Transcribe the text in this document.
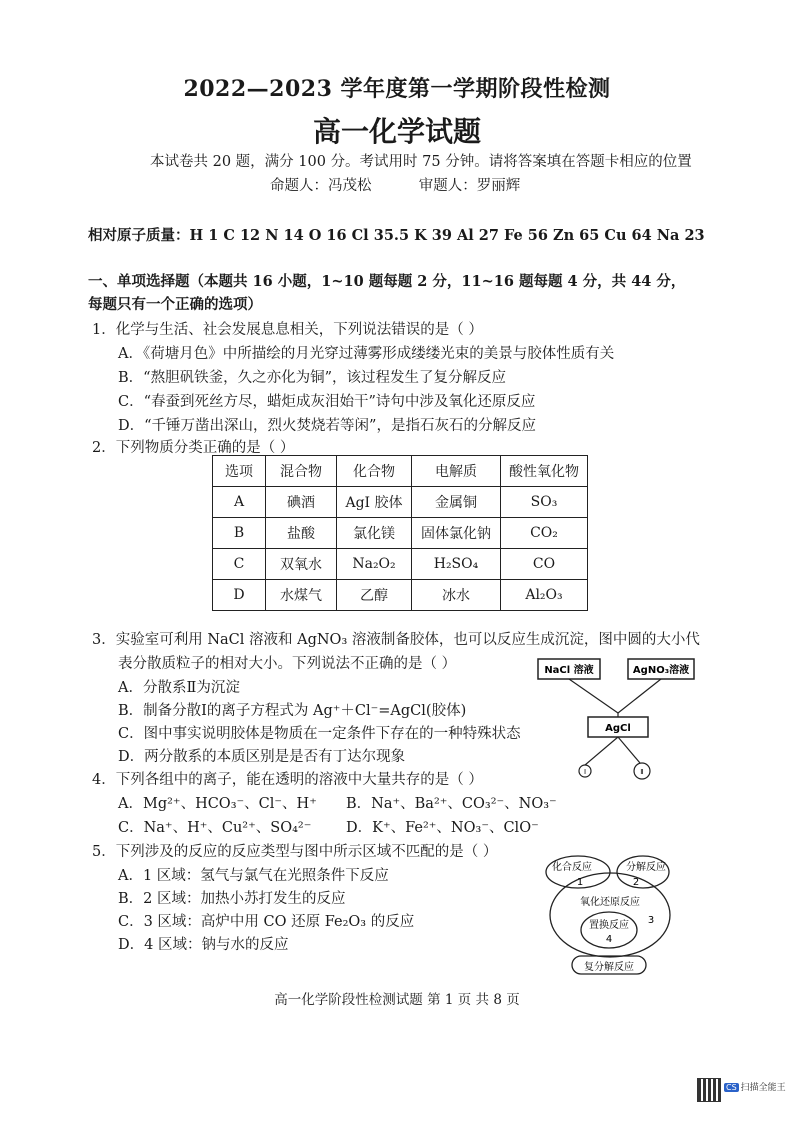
2022—2023 学年度第一学期阶段性检测
高一化学试题
本试卷共 20 题，满分 100 分。考试用时 75 分钟。请将答案填在答题卡相应的位置
命题人：冯茂松	审题人：罗丽辉
相对原子质量：H 1 C 12 N 14 O 16 Cl 35.5 K 39 Al 27 Fe 56 Zn 65 Cu 64 Na 23
一、单项选择题（本题共 16 小题，1~10 题每题 2 分，11~16 题每题 4 分，共 44 分，每题只有一个正确的选项）
1．化学与生活、社会发展息息相关，下列说法错误的是（ ）
A．《荷塘月色》中所描绘的月光穿过薄雾形成缕缕光束的美景与胶体性质有关
B．“熬胆矾铁釜，久之亦化为铜”，该过程发生了复分解反应
C．“春蚕到死丝方尽，蜡炬成灰泪始干”诗句中涉及氧化还原反应
D．“千锤万凿出深山，烈火焚烧若等闲”，是指石灰石的分解反应
2．下列物质分类正确的是（ ）
选项	混合物	化合物	电解质	酸性氧化物
A	碘酒	AgI 胶体	金属铜	SO₃
B	盐酸	氯化镁	固体氯化钠	CO₂
C	双氧水	Na₂O₂	H₂SO₄	CO
D	水煤气	乙醇	冰水	Al₂O₃
3．实验室可利用 NaCl 溶液和 AgNO₃ 溶液制备胶体，也可以反应生成沉淀，图中圆的大小代
表分散质粒子的相对大小。下列说法不正确的是（ ）
A．分散系Ⅱ为沉淀
B．制备分散Ⅰ的离子方程式为 Ag⁺＋Cl⁻=AgCl(胶体)
C．图中事实说明胶体是物质在一定条件下存在的一种特殊状态
D．两分散系的本质区别是是否有丁达尔现象
NaCl 溶液	AgNO₃溶液
AgCl
Ⅰ	Ⅱ
4．下列各组中的离子，能在透明的溶液中大量共存的是（ ）
A．Mg²⁺、HCO₃⁻、Cl⁻、H⁺ B．Na⁺、Ba²⁺、CO₃²⁻、NO₃⁻
C．Na⁺、H⁺、Cu²⁺、SO₄²⁻ D．K⁺、Fe²⁺、NO₃⁻、ClO⁻
5．下列涉及的反应的反应类型与图中所示区域不匹配的是（ ）
A．1 区域：氢气与氯气在光照条件下反应
B．2 区域：加热小苏打发生的反应
C．3 区域：高炉中用 CO 还原 Fe₂O₃ 的反应
D．4 区域：钠与水的反应
化合反应	分解反应
氧化还原反应
置换反应
复分解反应
1	2
3
4
高一化学阶段性检测试题 第 1 页 共 8 页
CS 扫描全能王
